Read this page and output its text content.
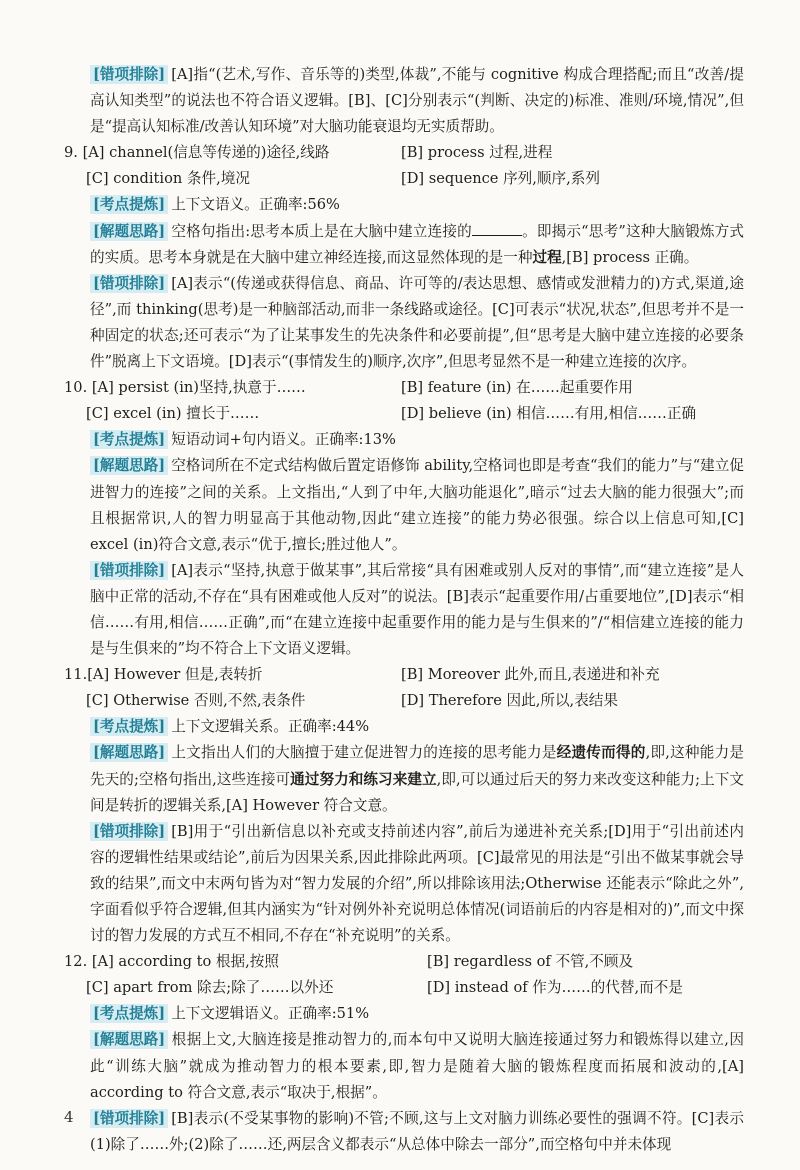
[错项排除] [A]指“(艺术,写作、音乐等的)类型,体裁”,不能与 cognitive 构成合理搭配;而且“改善/提高认知类型”的说法也不符合语义逻辑。[B]、[C]分别表示“(判断、决定的)标准、准则/环境,情况”,但是“提高认知标准/改善认知环境”对大脑功能衰退均无实质帮助。

9. [A] channel(信息等传递的)途径,线路	[B] process 过程,进程
[C] condition 条件,境况	[D] sequence 序列,顺序,系列

[考点提炼] 上下文语义。正确率:56%

[解题思路] 空格句指出:思考本质上是在大脑中建立连接的	。即揭示“思考”这种大脑锻炼方式的实质。思考本身就是在大脑中建立神经连接,而这显然体现的是一种过程,[B] process 正确。

[错项排除] [A]表示“(传递或获得信息、商品、许可等的/表达思想、感情或发泄精力的)方式,渠道,途径”,而 thinking(思考)是一种脑部活动,而非一条线路或途径。[C]可表示“状况,状态”,但思考并不是一种固定的状态;还可表示“为了让某事发生的先决条件和必要前提”,但“思考是大脑中建立连接的必要条件”脱离上下文语境。[D]表示“(事情发生的)顺序,次序”,但思考显然不是一种建立连接的次序。

10. [A] persist (in)坚持,执意于……	[B] feature (in) 在……起重要作用
[C] excel (in) 擅长于……	[D] believe (in) 相信……有用,相信……正确

[考点提炼] 短语动词+句内语义。正确率:13%

[解题思路] 空格词所在不定式结构做后置定语修饰 ability,空格词也即是考查“我们的能力”与“建立促进智力的连接”之间的关系。上文指出,“人到了中年,大脑功能退化”,暗示“过去大脑的能力很强大”;而且根据常识,人的智力明显高于其他动物,因此“建立连接”的能力势必很强。综合以上信息可知,[C] excel (in)符合文意,表示“优于,擅长;胜过他人”。

[错项排除] [A]表示“坚持,执意于做某事”,其后常接“具有困难或别人反对的事情”,而“建立连接”是人脑中正常的活动,不存在“具有困难或他人反对”的说法。[B]表示“起重要作用/占重要地位”,[D]表示“相信……有用,相信……正确”,而“在建立连接中起重要作用的能力是与生俱来的”/“相信建立连接的能力是与生俱来的”均不符合上下文语义逻辑。

11.[A] However 但是,表转折	[B] Moreover 此外,而且,表递进和补充
[C] Otherwise 否则,不然,表条件	[D] Therefore 因此,所以,表结果

[考点提炼] 上下文逻辑关系。正确率:44%

[解题思路] 上文指出人们的大脑擅于建立促进智力的连接的思考能力是经遗传而得的,即,这种能力是先天的;空格句指出,这些连接可通过努力和练习来建立,即,可以通过后天的努力来改变这种能力;上下文间是转折的逻辑关系,[A] However 符合文意。

[错项排除] [B]用于“引出新信息以补充或支持前述内容”,前后为递进补充关系;[D]用于“引出前述内容的逻辑性结果或结论”,前后为因果关系,因此排除此两项。[C]最常见的用法是“引出不做某事就会导致的结果”,而文中末两句皆为对“智力发展的介绍”,所以排除该用法;Otherwise 还能表示“除此之外”,字面看似乎符合逻辑,但其内涵实为“针对例外补充说明总体情况(词语前后的内容是相对的)”,而文中探讨的智力发展的方式互不相同,不存在“补充说明”的关系。

12. [A] according to 根据,按照	[B] regardless of 不管,不顾及
[C] apart from 除去;除了……以外还	[D] instead of 作为……的代替,而不是

[考点提炼] 上下文逻辑语义。正确率:51%

[解题思路] 根据上文,大脑连接是推动智力的,而本句中又说明大脑连接通过努力和锻炼得以建立,因此“训练大脑”就成为推动智力的根本要素,即,智力是随着大脑的锻炼程度而拓展和波动的,[A] according to 符合文意,表示“取决于,根据”。

[错项排除] [B]表示(不受某事物的影响)不管;不顾,这与上文对脑力训练必要性的强调不符。[C]表示(1)除了……外;(2)除了……还,两层含义都表示“从总体中除去一部分”,而空格句中并未体现

4
